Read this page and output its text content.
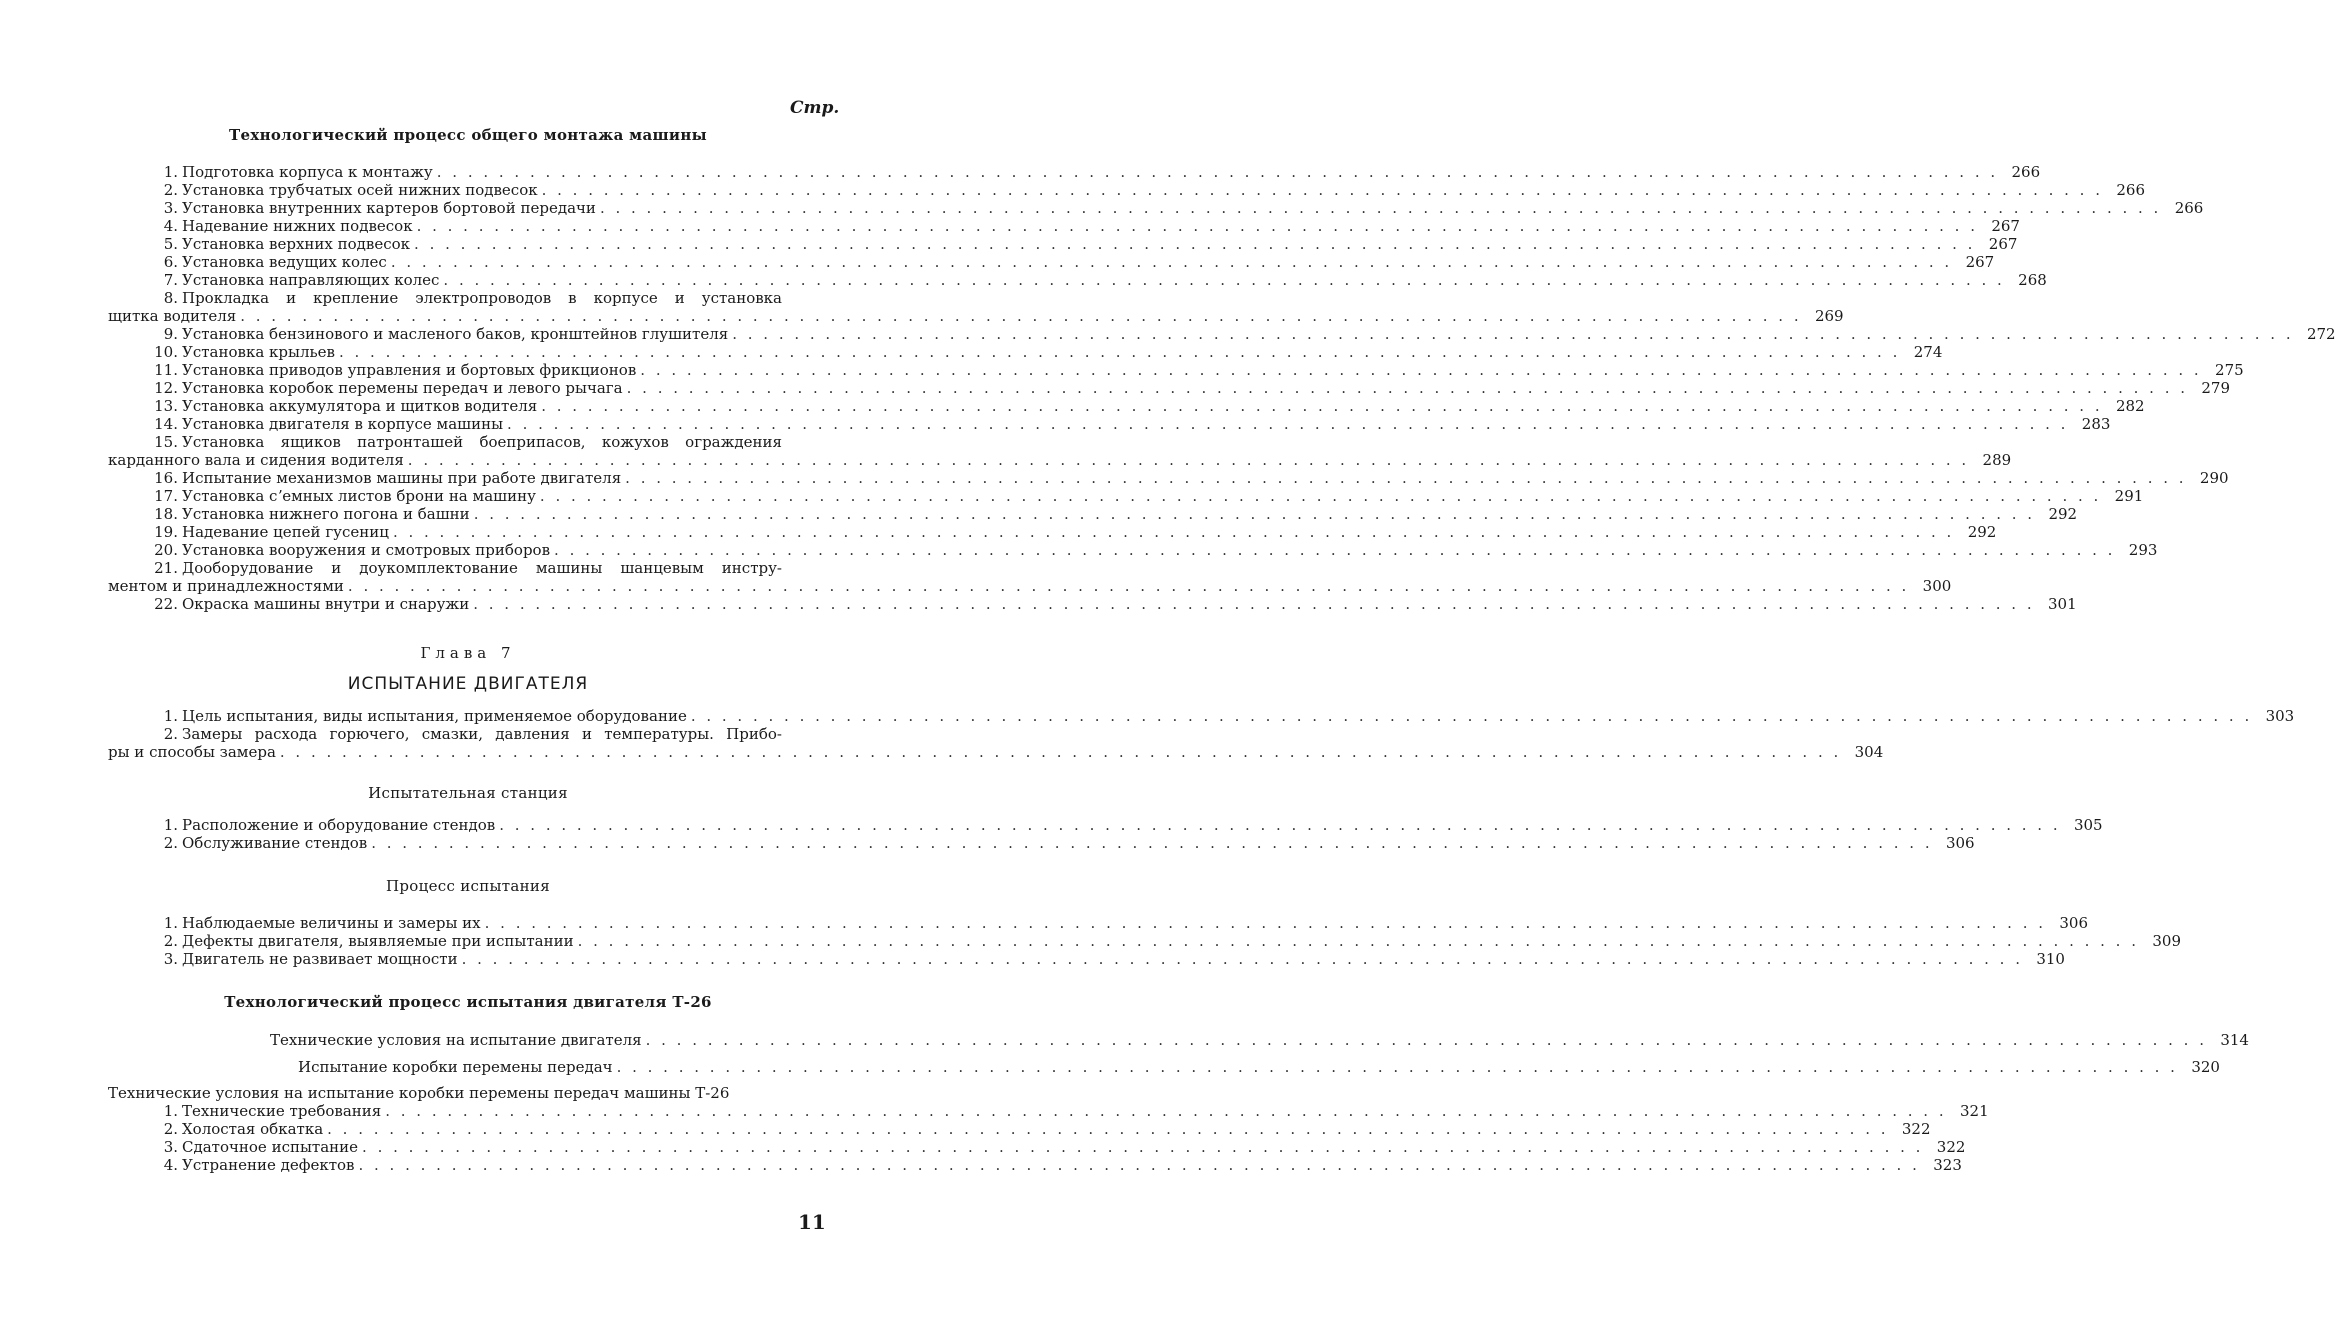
Стр.
Технологический процесс общего монтажа машины
1. Подготовка корпуса к монтажу . . .	266
2. Установка трубчатых осей нижних подвесок . . .	266
3. Установка внутренних картеров бортовой передачи . . .	266
4. Надевание нижних подвесок . . .	267
5. Установка верхних подвесок . . .	267
6. Установка ведущих колес . . .	267
7. Установка направляющих колес . . .	268
8. Прокладка и крепление электропроводов в корпусе и установка
щитка водителя . . .	269
9. Установка бензинового и масленого баков, кронштейнов глушителя . . .	272
10. Установка крыльев . . .	274
11. Установка приводов управления и бортовых фрикционов . . .	275
12. Установка коробок перемены передач и левого рычага . . .	279
13. Установка аккумулятора и щитков водителя . . .	282
14. Установка двигателя в корпусе машины . . .	283
15. Установка ящиков патронташей боеприпасов, кожухов ограждения
карданного вала и сидения водителя . . .	289
16. Испытание механизмов машины при работе двигателя . . .	290
17. Установка сʼемных листов брони на машину . . .	291
18. Установка нижнего погона и башни . . .	292
19. Надевание цепей гусениц . . .	292
20. Установка вооружения и смотровых приборов . . .	293
21. Дооборудование и доукомплектование машины шанцевым инстру-
ментом и принадлежностями . . .	300
22. Окраска машины внутри и снаружи . . .	301
Глава 7
ИСПЫТАНИЕ ДВИГАТЕЛЯ
1. Цель испытания, виды испытания, применяемое оборудование . . .	303
2. Замеры расхода горючего, смазки, давления и температуры. Прибо-
ры и способы замера . . .	304
Испытательная станция
1. Расположение и оборудование стендов . . .	305
2. Обслуживание стендов . . .	306
Процесс испытания
1. Наблюдаемые величины и замеры их . . .	306
2. Дефекты двигателя, выявляемые при испытании . . .	309
3. Двигатель не развивает мощности . . .	310
Технологический процесс испытания двигателя Т-26
Технические условия на испытание двигателя . . .	314
Испытание коробки перемены передач . . .	320
Технические условия на испытание коробки перемены передач машины Т-26
1. Технические требования . . .	321
2. Холостая обкатка . . .	322
3. Сдаточное испытание . . .	322
4. Устранение дефектов . . .	323
11
